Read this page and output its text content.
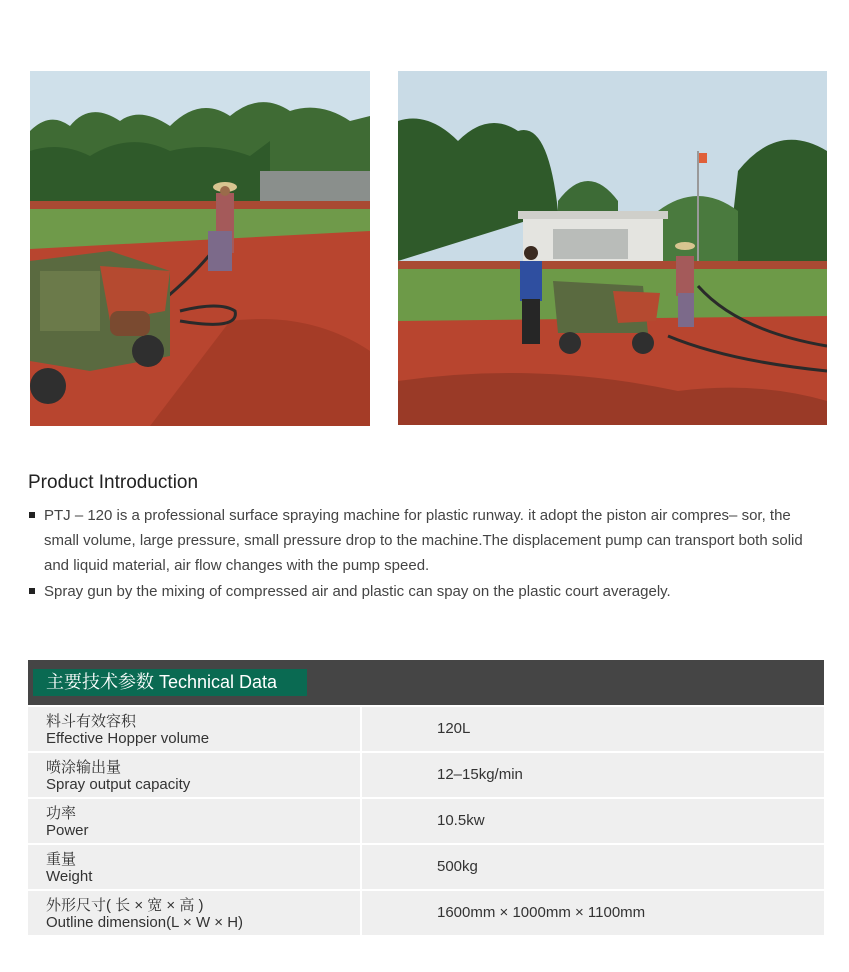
Product Introduction
PTJ – 120 is a professional surface spraying machine for plastic runway. it adopt the piston air compres– sor, the small volume, large pressure, small pressure drop to the machine.The displacement pump can transport both solid and liquid material, air flow changes with the pump speed.
Spray gun by the mixing of compressed air and plastic can spay on the plastic court averagely.
主要技术参数 Technical Data
料斗有效容积
Effective Hopper volume
120L
喷涂输出量
Spray output capacity
12–15kg/min
功率
Power
10.5kw
重量
Weight
500kg
外形尺寸( 长 × 宽 × 高 )
Outline dimension(L × W × H)
1600mm × 1000mm × 1100mm
